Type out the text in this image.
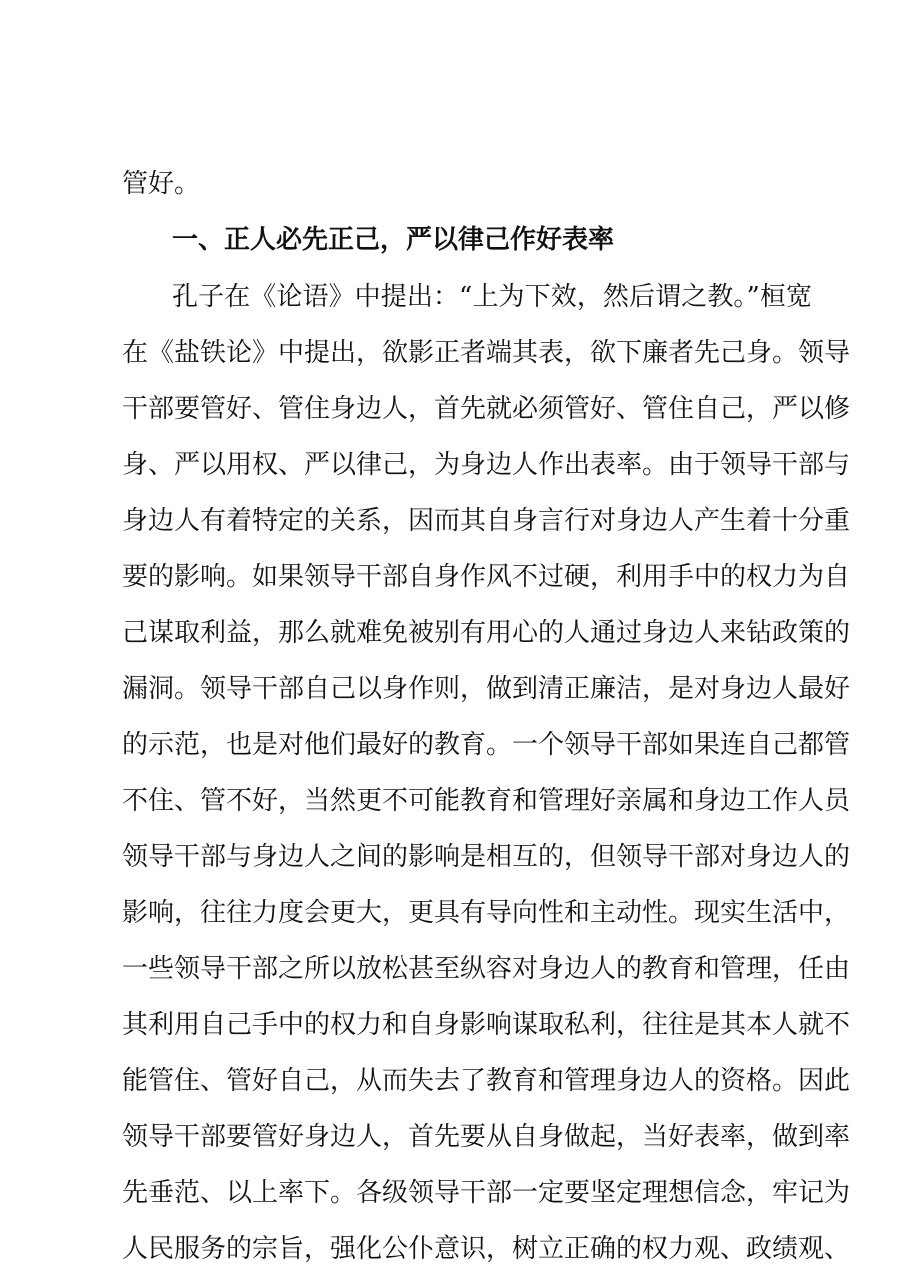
管好。
一、正人必先正己，严以律己作好表率
孔子在《论语》中提出：“上为下效，然后谓之教。”桓宽
在《盐铁论》中提出，欲影正者端其表，欲下廉者先己身。领导
干部要管好、管住身边人，首先就必须管好、管住自己，严以修
身、严以用权、严以律己，为身边人作出表率。由于领导干部与
身边人有着特定的关系，因而其自身言行对身边人产生着十分重
要的影响。如果领导干部自身作风不过硬，利用手中的权力为自
己谋取利益，那么就难免被别有用心的人通过身边人来钻政策的
漏洞。领导干部自己以身作则，做到清正廉洁，是对身边人最好
的示范，也是对他们最好的教育。一个领导干部如果连自己都管
不住、管不好，当然更不可能教育和管理好亲属和身边工作人员
领导干部与身边人之间的影响是相互的，但领导干部对身边人的
影响，往往力度会更大，更具有导向性和主动性。现实生活中，
一些领导干部之所以放松甚至纵容对身边人的教育和管理，任由
其利用自己手中的权力和自身影响谋取私利，往往是其本人就不
能管住、管好自己，从而失去了教育和管理身边人的资格。因此
领导干部要管好身边人，首先要从自身做起，当好表率，做到率
先垂范、以上率下。各级领导干部一定要坚定理想信念，牢记为
人民服务的宗旨，强化公仆意识，树立正确的权力观、政绩观、
